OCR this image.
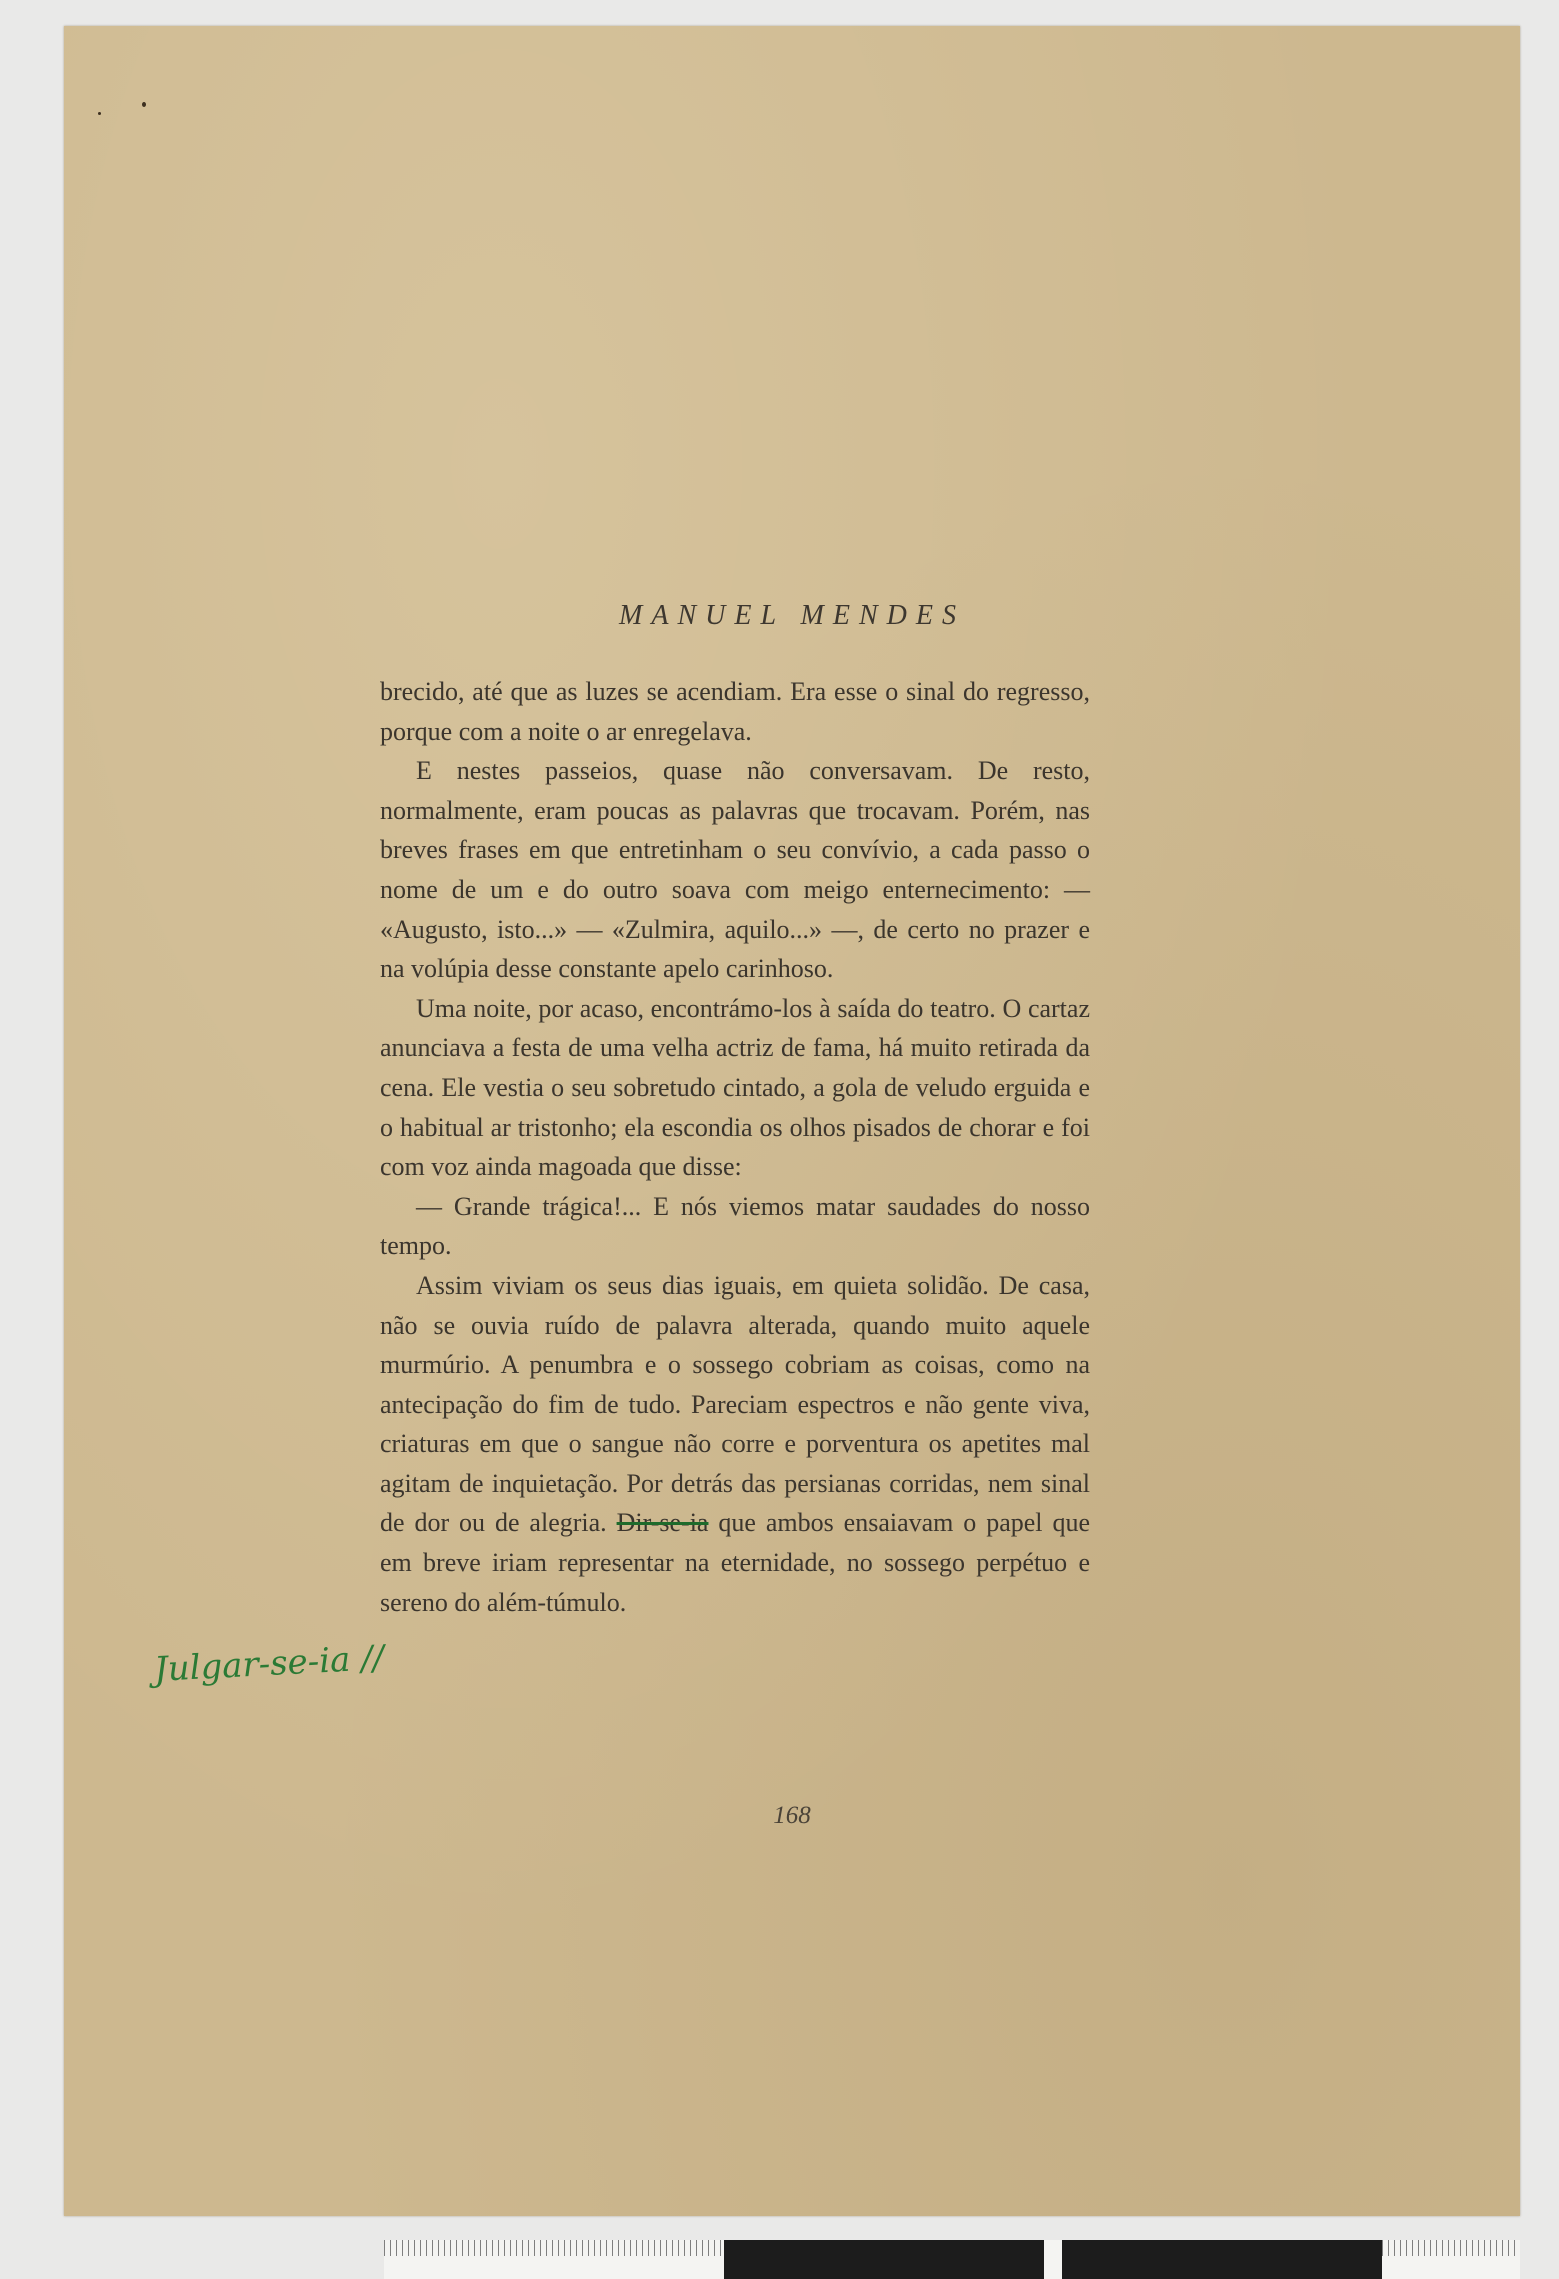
MANUEL MENDES

brecido, até que as luzes se acendiam. Era esse o sinal do regresso, porque com a noite o ar enregelava.

E nestes passeios, quase não conversavam. De resto, normalmente, eram poucas as palavras que trocavam. Porém, nas breves frases em que entretinham o seu convívio, a cada passo o nome de um e do outro soava com meigo enternecimento: — «Augusto, isto...» — «Zulmira, aquilo...» —, de certo no prazer e na volúpia desse constante apelo carinhoso.

Uma noite, por acaso, encontrámo-los à saída do teatro. O cartaz anunciava a festa de uma velha actriz de fama, há muito retirada da cena. Ele vestia o seu sobretudo cintado, a gola de veludo erguida e o habitual ar tristonho; ela escondia os olhos pisados de chorar e foi com voz ainda magoada que disse:

— Grande trágica!... E nós viemos matar saudades do nosso tempo.

Assim viviam os seus dias iguais, em quieta solidão. De casa, não se ouvia ruído de palavra alterada, quando muito aquele murmúrio. A penumbra e o sossego cobriam as coisas, como na antecipação do fim de tudo. Pareciam espectros e não gente viva, criaturas em que o sangue não corre e porventura os apetites mal agitam de inquietação. Por detrás das persianas corridas, nem sinal de dor ou de alegria. Dir-se-ia que ambos ensaiavam o papel que em breve iriam representar na eternidade, no sossego perpétuo e sereno do além-túmulo.

Julgar-se-ia //
168
